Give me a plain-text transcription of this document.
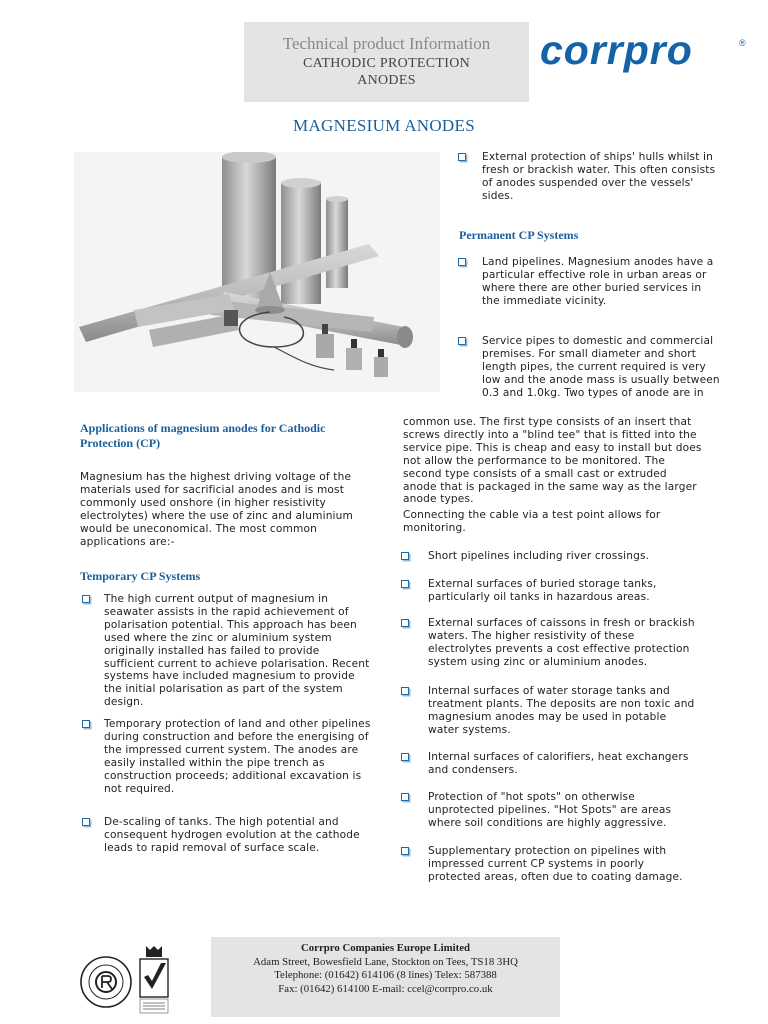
Technical product Information
CATHODIC PROTECTION
ANODES
corrpro	®
MAGNESIUM ANODES
Applications of magnesium anodes for Cathodic Protection (CP)
Magnesium has the highest driving voltage of the materials used for sacrificial anodes and is most commonly used onshore (in higher resistivity electrolytes) where the use of zinc and aluminium would be uneconomical. The most common applications are:-
Temporary CP Systems
The high current output of magnesium in seawater assists in the rapid achievement of polarisation potential. This approach has been used where the zinc or aluminium system originally installed has failed to provide sufficient current to achieve polarisation. Recent systems have included magnesium to provide the initial polarisation as part of the system design.
Temporary protection of land and other pipelines during construction and before the energising of the impressed current system. The anodes are easily installed within the pipe trench as construction proceeds; additional excavation is not required.
De-scaling of tanks. The high potential and consequent hydrogen evolution at the cathode leads to rapid removal of surface scale.
External protection of ships' hulls whilst in fresh or brackish water. This often consists of anodes suspended over the vessels' sides.
Permanent CP Systems
Land pipelines. Magnesium anodes have a particular effective role in urban areas or where there are other buried services in the immediate vicinity.
Service pipes to domestic and commercial premises. For small diameter and short length pipes, the current required is very low and the anode mass is usually between 0.3 and 1.0kg. Two types of anode are in
common use. The first type consists of an insert that screws directly into a "blind tee" that is fitted into the service pipe. This is cheap and easy to install but does not allow the performance to be monitored. The second type consists of a small cast or extruded anode that is packaged in the same way as the larger anode types.
Connecting the cable via a test point allows for monitoring.
Short pipelines including river crossings.
External surfaces of buried storage tanks, particularly oil tanks in hazardous areas.
External surfaces of caissons in fresh or brackish waters. The higher resistivity of these electrolytes prevents a cost effective protection system using zinc or aluminium anodes.
Internal surfaces of water storage tanks and treatment plants. The deposits are non toxic and magnesium anodes may be used in potable water systems.
Internal surfaces of calorifiers, heat exchangers and condensers.
Protection of "hot spots" on otherwise unprotected pipelines. "Hot Spots" are areas where soil conditions are highly aggressive.
Supplementary protection on pipelines with impressed current CP systems in poorly protected areas, often due to coating damage.
Corrpro Companies Europe Limited
Adam Street, Bowesfield Lane, Stockton on Tees, TS18 3HQ
Telephone: (01642) 614106 (8 lines) Telex: 587388
Fax: (01642) 614100 E-mail: ccel@corrpro.co.uk
